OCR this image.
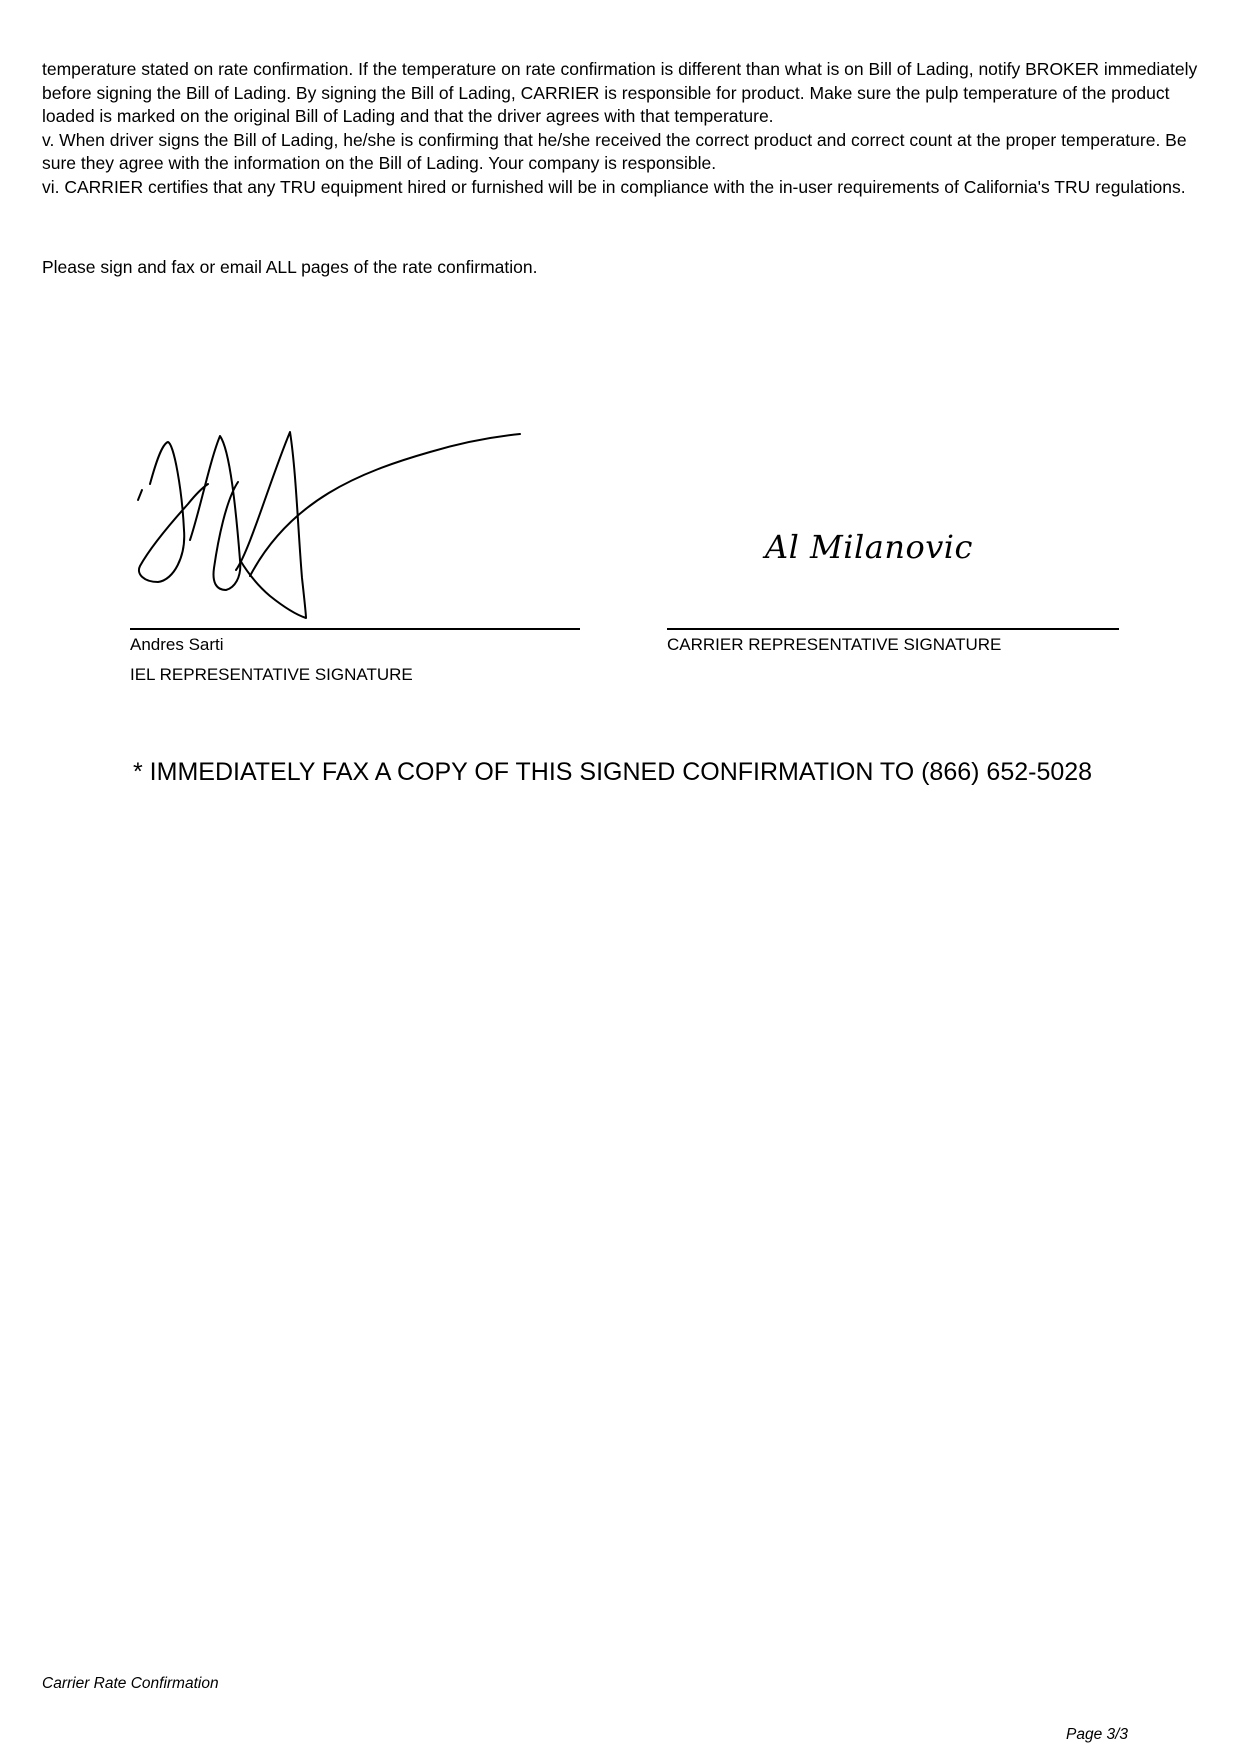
temperature stated on rate confirmation. If the temperature on rate confirmation is different than what is on Bill of Lading, notify BROKER immediately before signing the Bill of Lading. By signing the Bill of Lading, CARRIER is responsible for product. Make sure the pulp temperature of the product loaded is marked on the original Bill of Lading and that the driver agrees with that temperature.

v. When driver signs the Bill of Lading, he/she is confirming that he/she received the correct product and correct count at the proper temperature. Be sure they agree with the information on the Bill of Lading. Your company is responsible.

vi. CARRIER certifies that any TRU equipment hired or furnished will be in compliance with the in-user requirements of California's TRU regulations.

Please sign and fax or email ALL pages of the rate confirmation.
Andres Sarti
IEL REPRESENTATIVE SIGNATURE
Al Milanovic
CARRIER REPRESENTATIVE SIGNATURE
* IMMEDIATELY FAX A COPY OF THIS SIGNED CONFIRMATION TO (866) 652-5028
Carrier Rate Confirmation
Page 3/3
